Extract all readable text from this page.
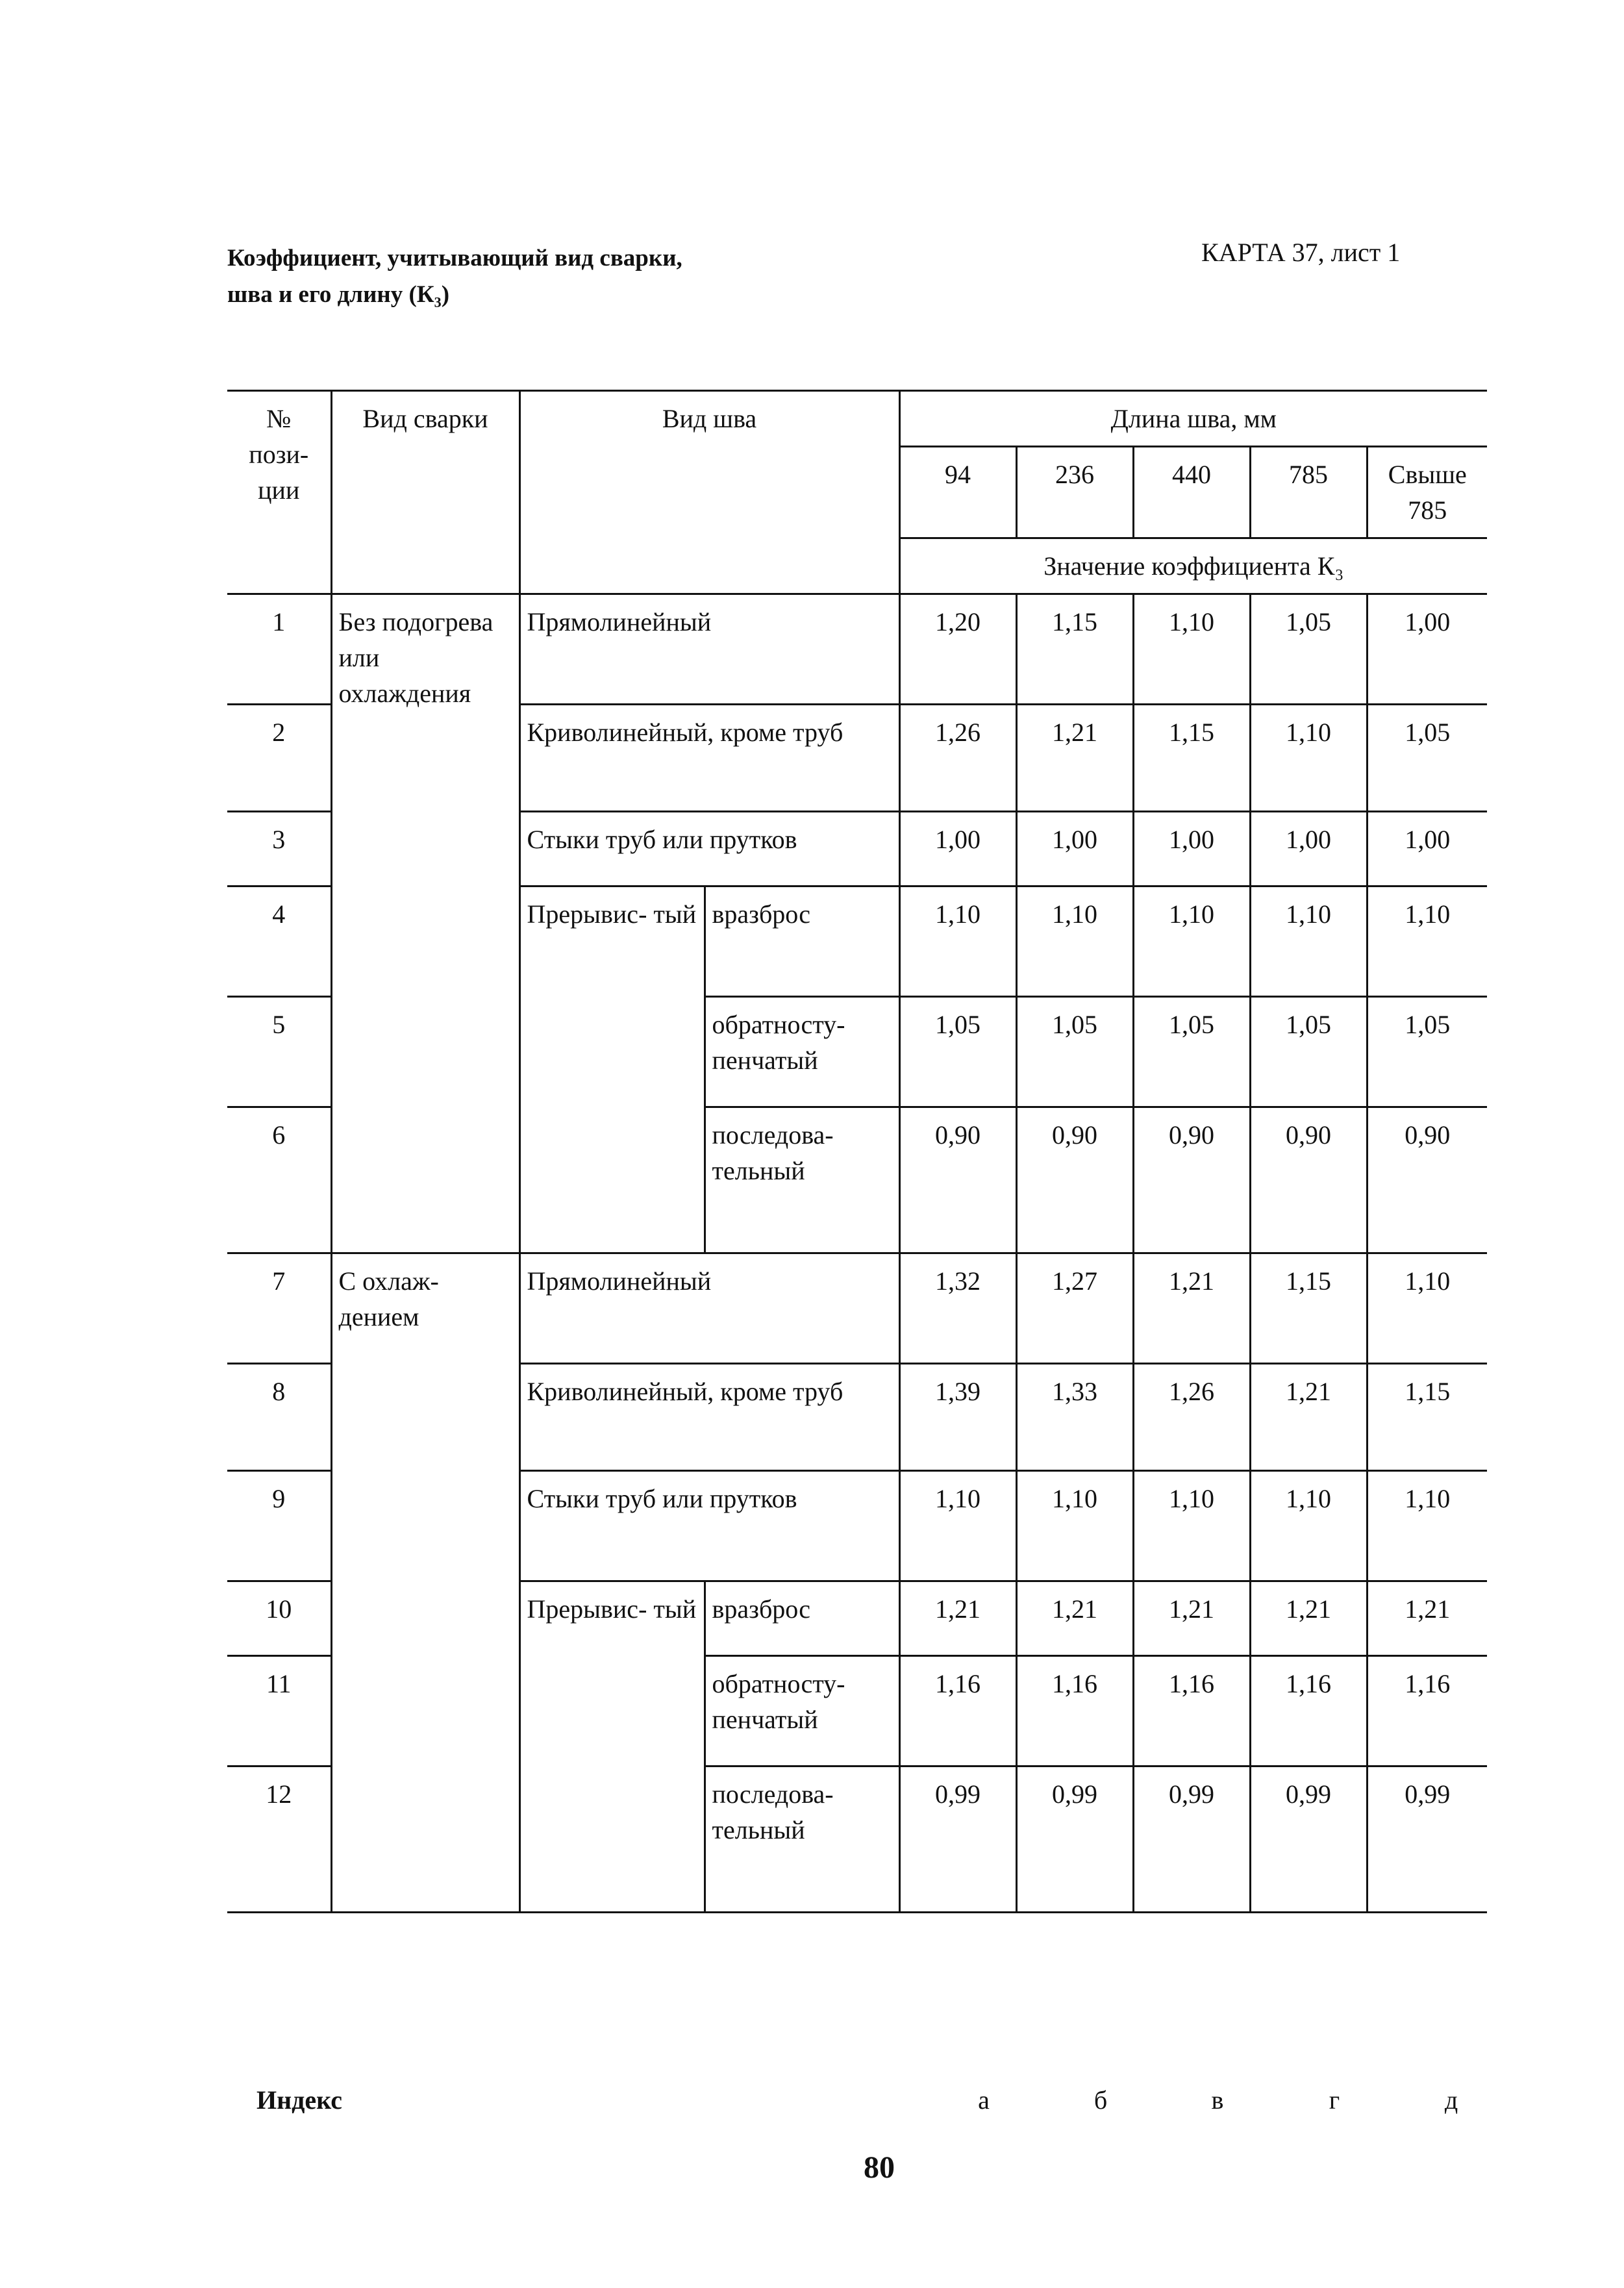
Коэффициент, учитывающий вид сварки,
шва и его длину (К₃)
КАРТА 37, лист 1
№ пози- ции	Вид сварки	Вид шва		Длина шва, мм				
				94	236	440	785	Свыше 785
				Значение коэффициента К₃				
1	Без подогрева или охлаждения	Прямолинейный		1,20	1,15	1,10	1,05	1,00
2		Криволинейный, кроме труб		1,26	1,21	1,15	1,10	1,05
3		Стыки труб или прутков		1,00	1,00	1,00	1,00	1,00
4		Прерывис- тый	вразброс	1,10	1,10	1,10	1,10	1,10
5			обратносту- пенчатый	1,05	1,05	1,05	1,05	1,05
6			последова- тельный	0,90	0,90	0,90	0,90	0,90
7	С охлаж- дением	Прямолинейный		1,32	1,27	1,21	1,15	1,10
8		Криволинейный, кроме труб		1,39	1,33	1,26	1,21	1,15
9		Стыки труб или прутков		1,10	1,10	1,10	1,10	1,10
10		Прерывис- тый	вразброс	1,21	1,21	1,21	1,21	1,21
11			обратносту- пенчатый	1,16	1,16	1,16	1,16	1,16
12			последова- тельный	0,99	0,99	0,99	0,99	0,99
Индекс	а	б	в	г	д
80
